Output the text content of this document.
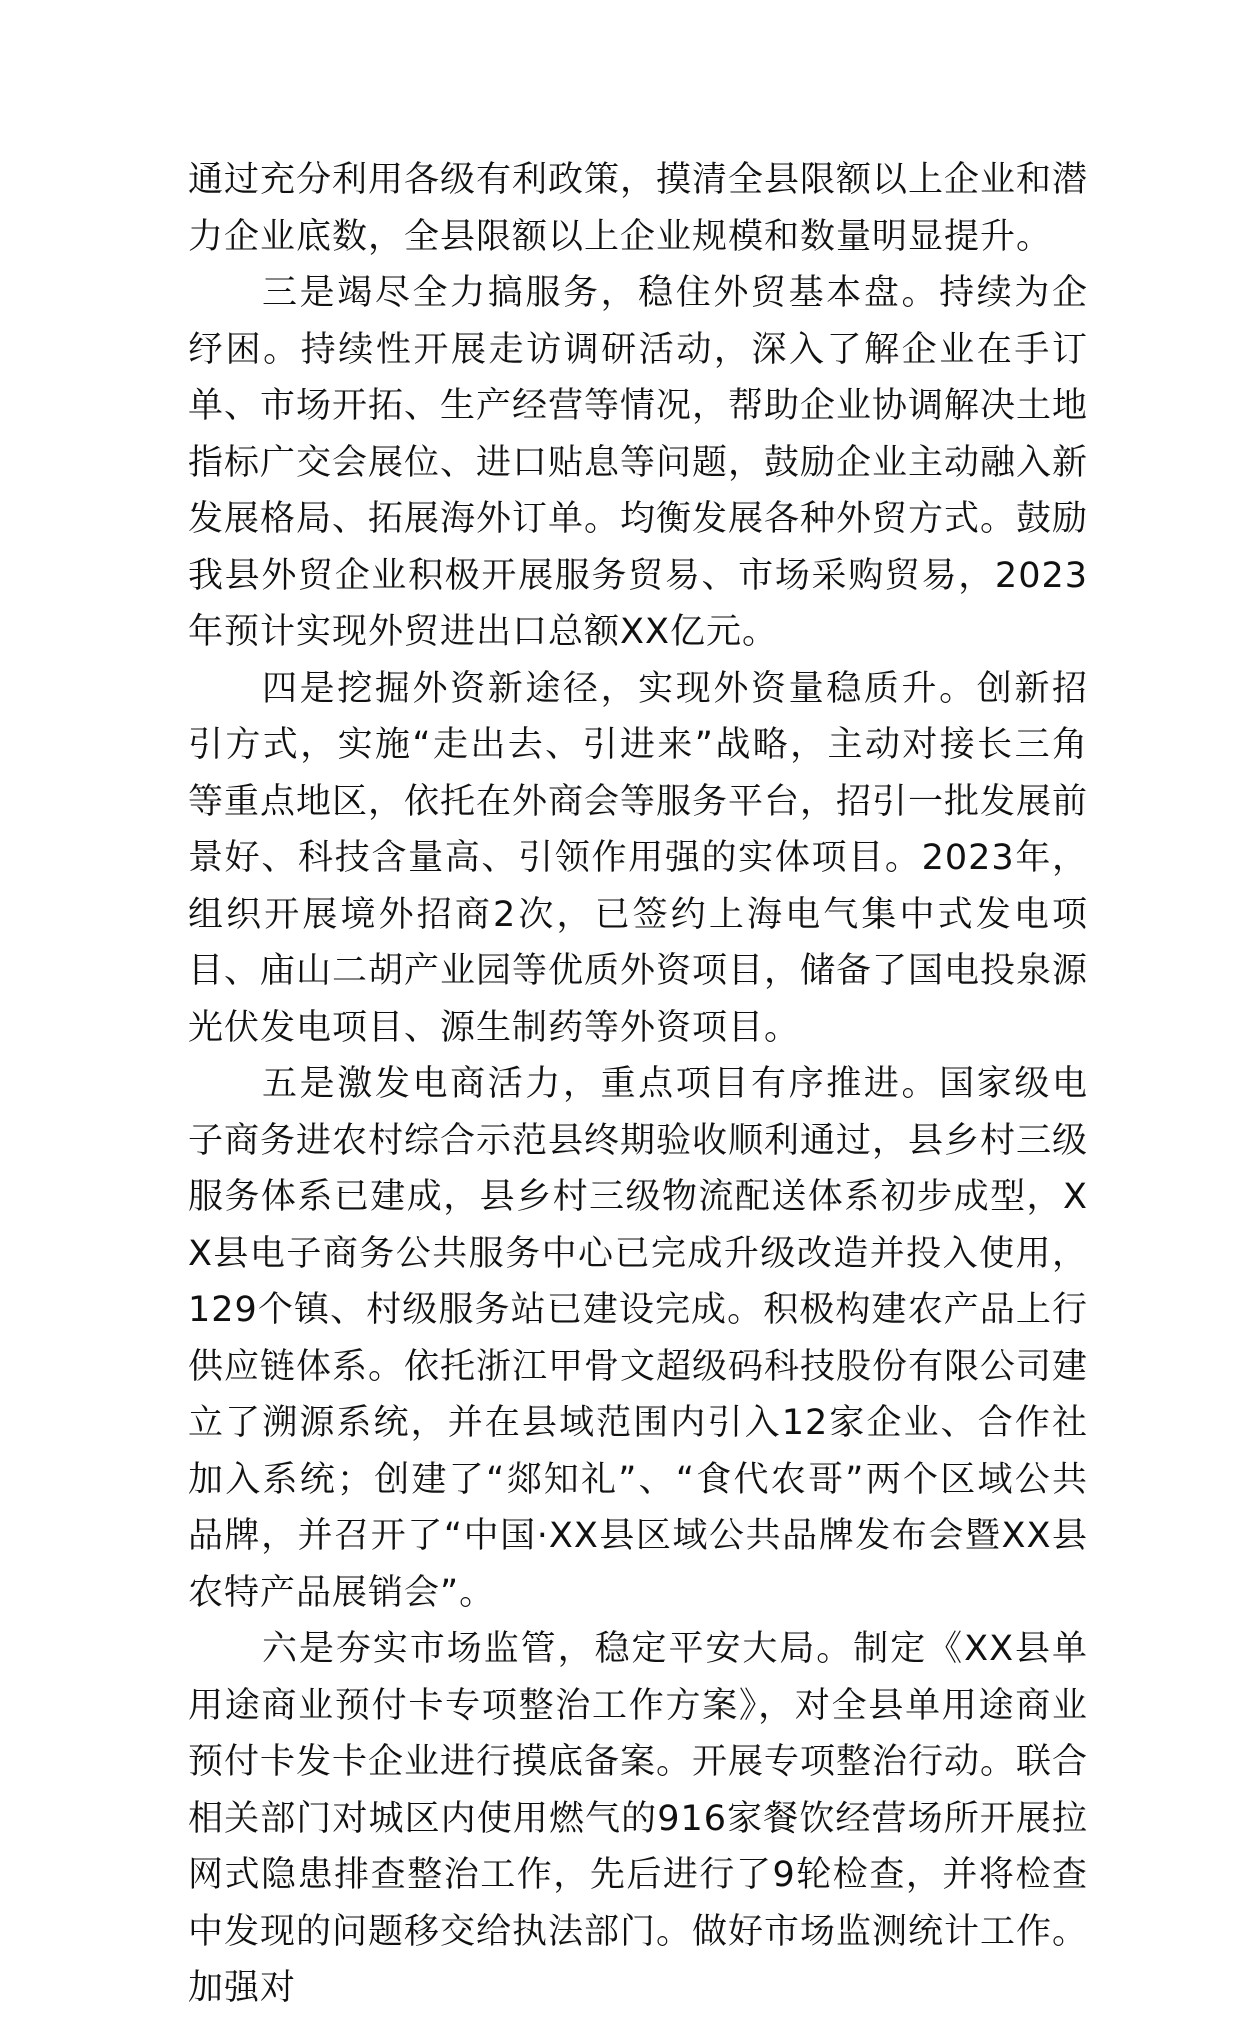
通过充分利用各级有利政策，摸清全县限额以上企业和潜力企业底数，全县限额以上企业规模和数量明显提升。

三是竭尽全力搞服务，稳住外贸基本盘。持续为企纾困。持续性开展走访调研活动，深入了解企业在手订单、市场开拓、生产经营等情况，帮助企业协调解决土地指标广交会展位、进口贴息等问题，鼓励企业主动融入新发展格局、拓展海外订单。均衡发展各种外贸方式。鼓励我县外贸企业积极开展服务贸易、市场采购贸易，2023年预计实现外贸进出口总额XX亿元。

四是挖掘外资新途径，实现外资量稳质升。创新招引方式，实施“走出去、引进来”战略，主动对接长三角等重点地区，依托在外商会等服务平台，招引一批发展前景好、科技含量高、引领作用强的实体项目。2023年，组织开展境外招商2次，已签约上海电气集中式发电项目、庙山二胡产业园等优质外资项目，储备了国电投泉源光伏发电项目、源生制药等外资项目。

五是激发电商活力，重点项目有序推进。国家级电子商务进农村综合示范县终期验收顺利通过，县乡村三级服务体系已建成，县乡村三级物流配送体系初步成型，XX县电子商务公共服务中心已完成升级改造并投入使用，129个镇、村级服务站已建设完成。积极构建农产品上行供应链体系。依托浙江甲骨文超级码科技股份有限公司建立了溯源系统，并在县域范围内引入12家企业、合作社加入系统；创建了“郯知礼”、“食代农哥”两个区域公共品牌，并召开了“中国·XX县区域公共品牌发布会暨XX县农特产品展销会”。

六是夯实市场监管，稳定平安大局。制定《XX县单用途商业预付卡专项整治工作方案》，对全县单用途商业预付卡发卡企业进行摸底备案。开展专项整治行动。联合相关部门对城区内使用燃气的916家餐饮经营场所开展拉网式隐患排查整治工作，先后进行了9轮检查，并将检查中发现的问题移交给执法部门。做好市场监测统计工作。加强对
